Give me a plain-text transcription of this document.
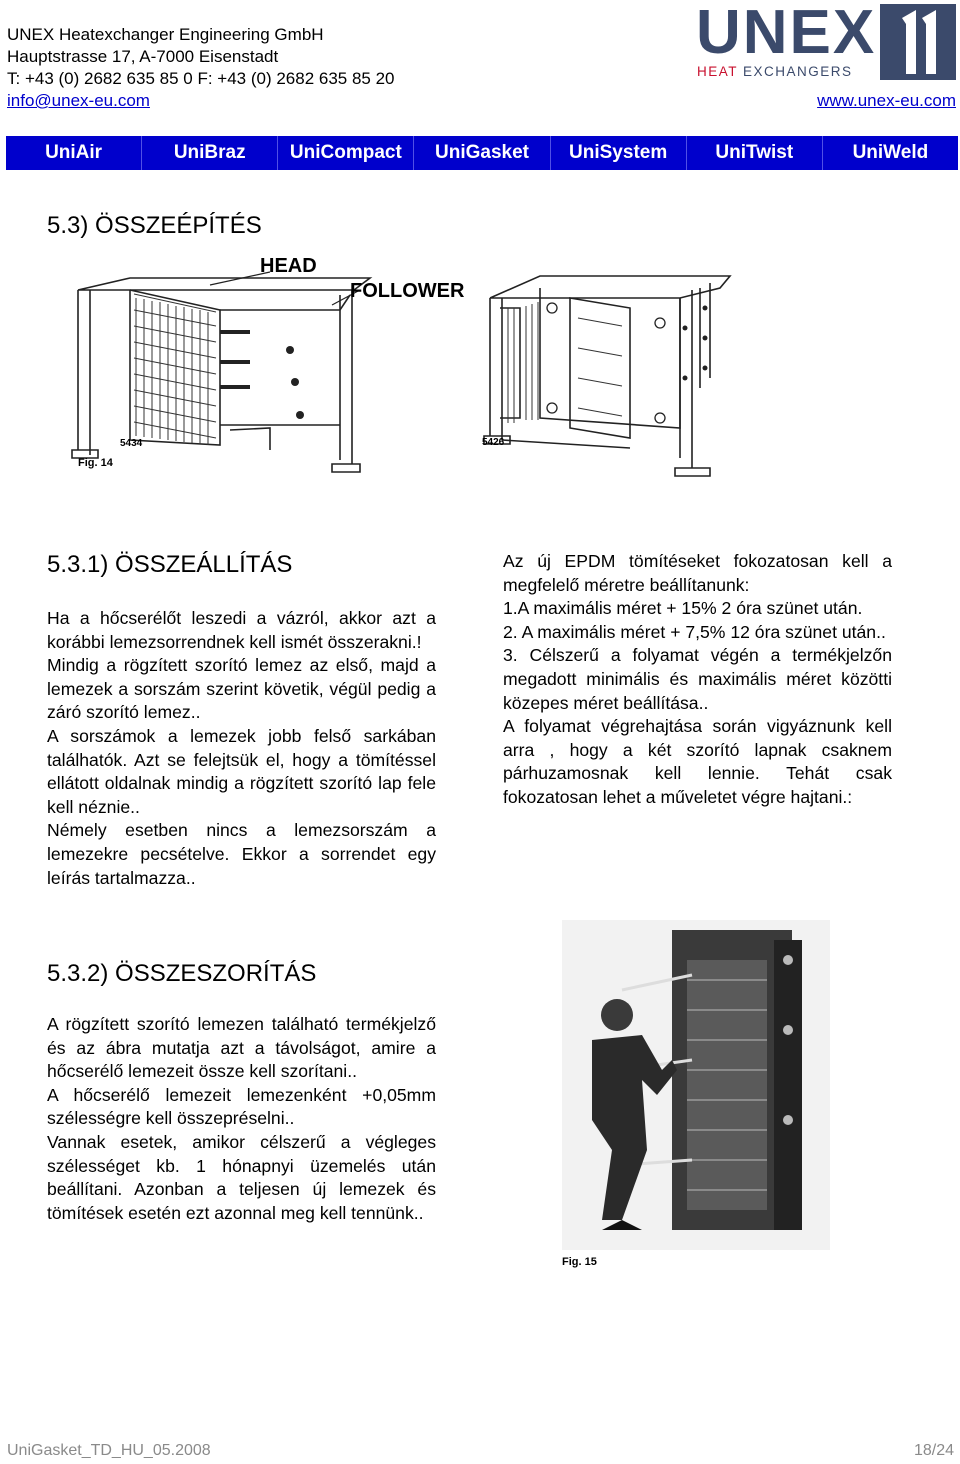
UNEX Heatexchanger Engineering GmbH
Hauptstrasse 17, A-7000 Eisenstadt
T: +43 (0) 2682 635 85 0 F: +43 (0) 2682 635 85 20
info@unex-eu.com	www.unex-eu.com
UNEX
HEAT EXCHANGERS
UniAir	UniBraz	UniCompact	UniGasket	UniSystem	UniTwist	UniWeld
5.3) ÖSSZEÉPÍTÉS
HEAD
FOLLOWER
5434
Fig. 14
5426
5.3.1) ÖSSZEÁLLÍTÁS

Ha a hőcserélőt leszedi a vázról, akkor azt a korábbi lemezsorrendnek kell ismét összerakni.!

Mindig a rögzített szorító lemez az első, majd a lemezek a sorszám szerint követik, végül pedig a záró szorító lemez..

A sorszámok a lemezek jobb felső sarkában találhatók. Azt se felejtsük el, hogy a tömítéssel ellátott oldalnak mindig a rögzített szorító lap fele kell néznie..

Némely esetben nincs a lemezsorszám a lemezekre pecsételve. Ekkor a sorrendet egy leírás tartalmazza..

Az új EPDM tömítéseket fokozatosan kell a megfelelő méretre beállítanunk:

1.A maximális méret + 15% 2 óra szünet után.

2. A maximális méret + 7,5% 12 óra szünet után..

3. Célszerű a folyamat végén a termékjelzőn megadott minimális és maximális méret közötti közepes méret beállítása..

A folyamat végrehajtása során vigyáznunk kell arra , hogy a két szorító lapnak csaknem párhuzamosnak kell lennie. Tehát csak fokozatosan lehet a műveletet végre hajtani.:

5.3.2) ÖSSZESZORÍTÁS

A rögzített szorító lemezen található termékjelző és az ábra mutatja azt a távolságot, amire a hőcserélő lemezeit össze kell szorítani..

A hőcserélő lemezeit lemezenként +0,05mm szélességre kell összepréselni..

Vannak esetek, amikor célszerű a végleges szélességet kb. 1 hónapnyi üzemelés után beállítani. Azonban a teljesen új lemezek és tömítések esetén ezt azonnal meg kell tennünk..

Fig. 15
UniGasket_TD_HU_05.2008	18/24
